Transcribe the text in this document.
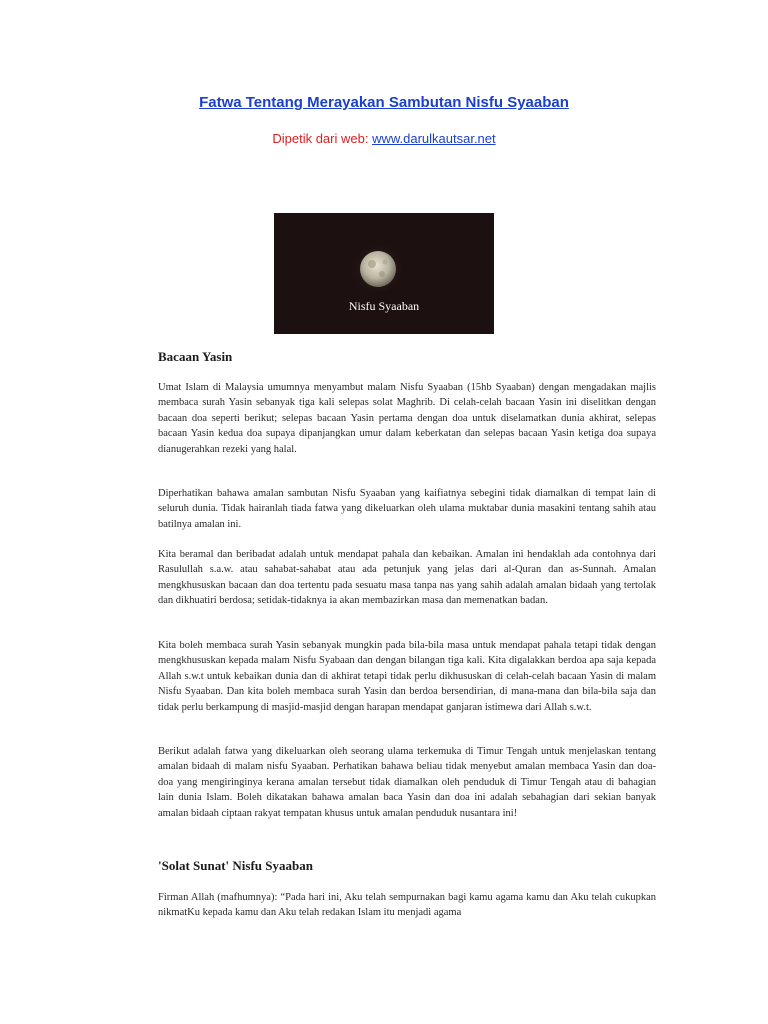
Fatwa Tentang Merayakan Sambutan Nisfu Syaaban
Dipetik dari web: www.darulkautsar.net
Nisfu Syaaban
Bacaan Yasin
Umat Islam di Malaysia umumnya menyambut malam Nisfu Syaaban (15hb Syaaban) dengan mengadakan majlis membaca surah Yasin sebanyak tiga kali selepas solat Maghrib. Di celah-celah bacaan Yasin ini diselitkan dengan bacaan doa seperti berikut; selepas bacaan Yasin pertama dengan doa untuk diselamatkan dunia akhirat, selepas bacaan Yasin kedua doa supaya dipanjangkan umur dalam keberkatan dan selepas bacaan Yasin ketiga doa supaya dianugerahkan rezeki yang halal.
Diperhatikan bahawa amalan sambutan Nisfu Syaaban yang kaifiatnya sebegini tidak diamalkan di tempat lain di seluruh dunia. Tidak hairanlah tiada fatwa yang dikeluarkan oleh ulama muktabar dunia masakini tentang sahih atau batilnya amalan ini.
Kita beramal dan beribadat adalah untuk mendapat pahala dan kebaikan. Amalan ini hendaklah ada contohnya dari Rasulullah s.a.w. atau sahabat-sahabat atau ada petunjuk yang jelas dari al-Quran dan as-Sunnah. Amalan mengkhususkan bacaan dan doa tertentu pada sesuatu masa tanpa nas yang sahih adalah amalan bidaah yang tertolak dan dikhuatiri berdosa; setidak-tidaknya ia akan membazirkan masa dan memenatkan badan.
Kita boleh membaca surah Yasin sebanyak mungkin pada bila-bila masa untuk mendapat pahala tetapi tidak dengan mengkhususkan kepada malam Nisfu Syabaan dan dengan bilangan tiga kali. Kita digalakkan berdoa apa saja kepada Allah s.w.t untuk kebaikan dunia dan di akhirat tetapi tidak perlu dikhususkan di celah-celah bacaan Yasin di malam Nisfu Syaaban. Dan kita boleh membaca surah Yasin dan berdoa bersendirian, di mana-mana dan bila-bila saja dan tidak perlu berkampung di masjid-masjid dengan harapan mendapat ganjaran istimewa dari Allah s.w.t.
Berikut adalah fatwa yang dikeluarkan oleh seorang ulama terkemuka di Timur Tengah untuk menjelaskan tentang amalan bidaah di malam nisfu Syaaban. Perhatikan bahawa beliau tidak menyebut amalan membaca Yasin dan doa-doa yang mengiringinya kerana amalan tersebut tidak diamalkan oleh penduduk di Timur Tengah atau di bahagian lain dunia Islam. Boleh dikatakan bahawa amalan baca Yasin dan doa ini adalah sebahagian dari sekian banyak amalan bidaah ciptaan rakyat tempatan khusus untuk amalan penduduk nusantara ini!
'Solat Sunat' Nisfu Syaaban
Firman Allah (mafhumnya): “Pada hari ini, Aku telah sempurnakan bagi kamu agama kamu dan Aku telah cukupkan nikmatKu kepada kamu dan Aku telah redakan Islam itu menjadi agama
